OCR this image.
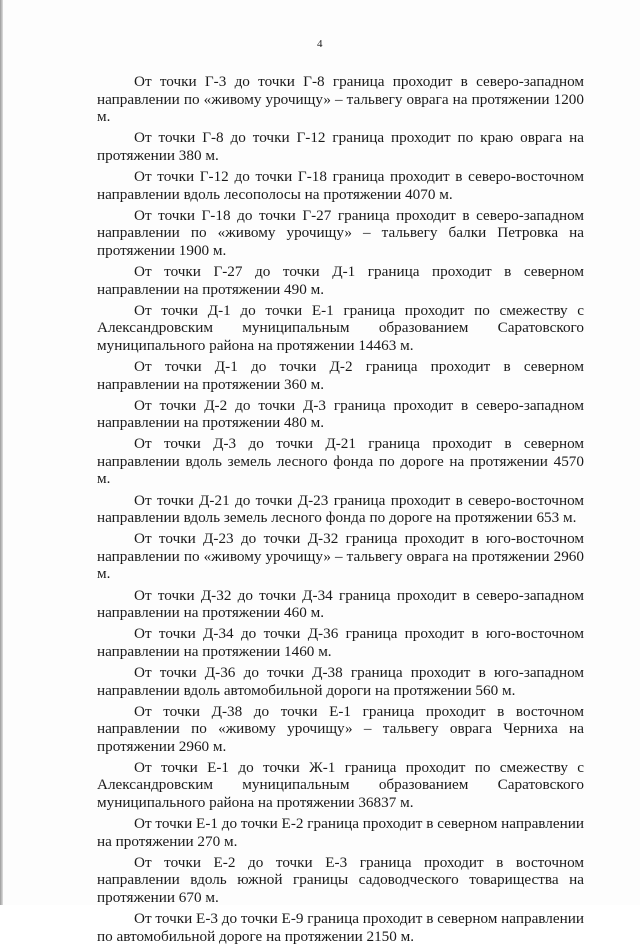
4

От точки Г-3 до точки Г-8 граница проходит в северо-западном направлении по «живому урочищу» – тальвегу оврага на протяжении 1200 м.

От точки Г-8 до точки Г-12 граница проходит по краю оврага на протяжении 380 м.

От точки Г-12 до точки Г-18 граница проходит в северо-восточном направлении вдоль лесополосы на протяжении 4070 м.

От точки Г-18 до точки Г-27 граница проходит в северо-западном направлении по «живому урочищу» – тальвегу балки Петровка на протяжении 1900 м.

От точки Г-27 до точки Д-1 граница проходит в северном направлении на протяжении 490 м.

От точки Д-1 до точки Е-1 граница проходит по смежеству с Александровским муниципальным образованием Саратовского муниципального района на протяжении 14463 м.

От точки Д-1 до точки Д-2 граница проходит в северном направлении на протяжении 360 м.

От точки Д-2 до точки Д-3 граница проходит в северо-западном направлении на протяжении 480 м.

От точки Д-3 до точки Д-21 граница проходит в северном направлении вдоль земель лесного фонда по дороге на протяжении 4570 м.

От точки Д-21 до точки Д-23 граница проходит в северо-восточном направлении вдоль земель лесного фонда по дороге на протяжении 653 м.

От точки Д-23 до точки Д-32 граница проходит в юго-восточном направлении по «живому урочищу» – тальвегу оврага на протяжении 2960 м.

От точки Д-32 до точки Д-34 граница проходит в северо-западном направлении на протяжении 460 м.

От точки Д-34 до точки Д-36 граница проходит в юго-восточном направлении на протяжении 1460 м.

От точки Д-36 до точки Д-38 граница проходит в юго-западном направлении вдоль автомобильной дороги на протяжении 560 м.

От точки Д-38 до точки Е-1 граница проходит в восточном направлении по «живому урочищу» – тальвегу оврага Черниха на протяжении 2960 м.

От точки Е-1 до точки Ж-1 граница проходит по смежеству с Александровским муниципальным образованием Саратовского муниципального района на протяжении 36837 м.

От точки Е-1 до точки Е-2 граница проходит в северном направлении на протяжении 270 м.

От точки Е-2 до точки Е-3 граница проходит в восточном направлении вдоль южной границы садоводческого товарищества на протяжении 670 м.

От точки Е-3 до точки Е-9 граница проходит в северном направлении по автомобильной дороге на протяжении 2150 м.
